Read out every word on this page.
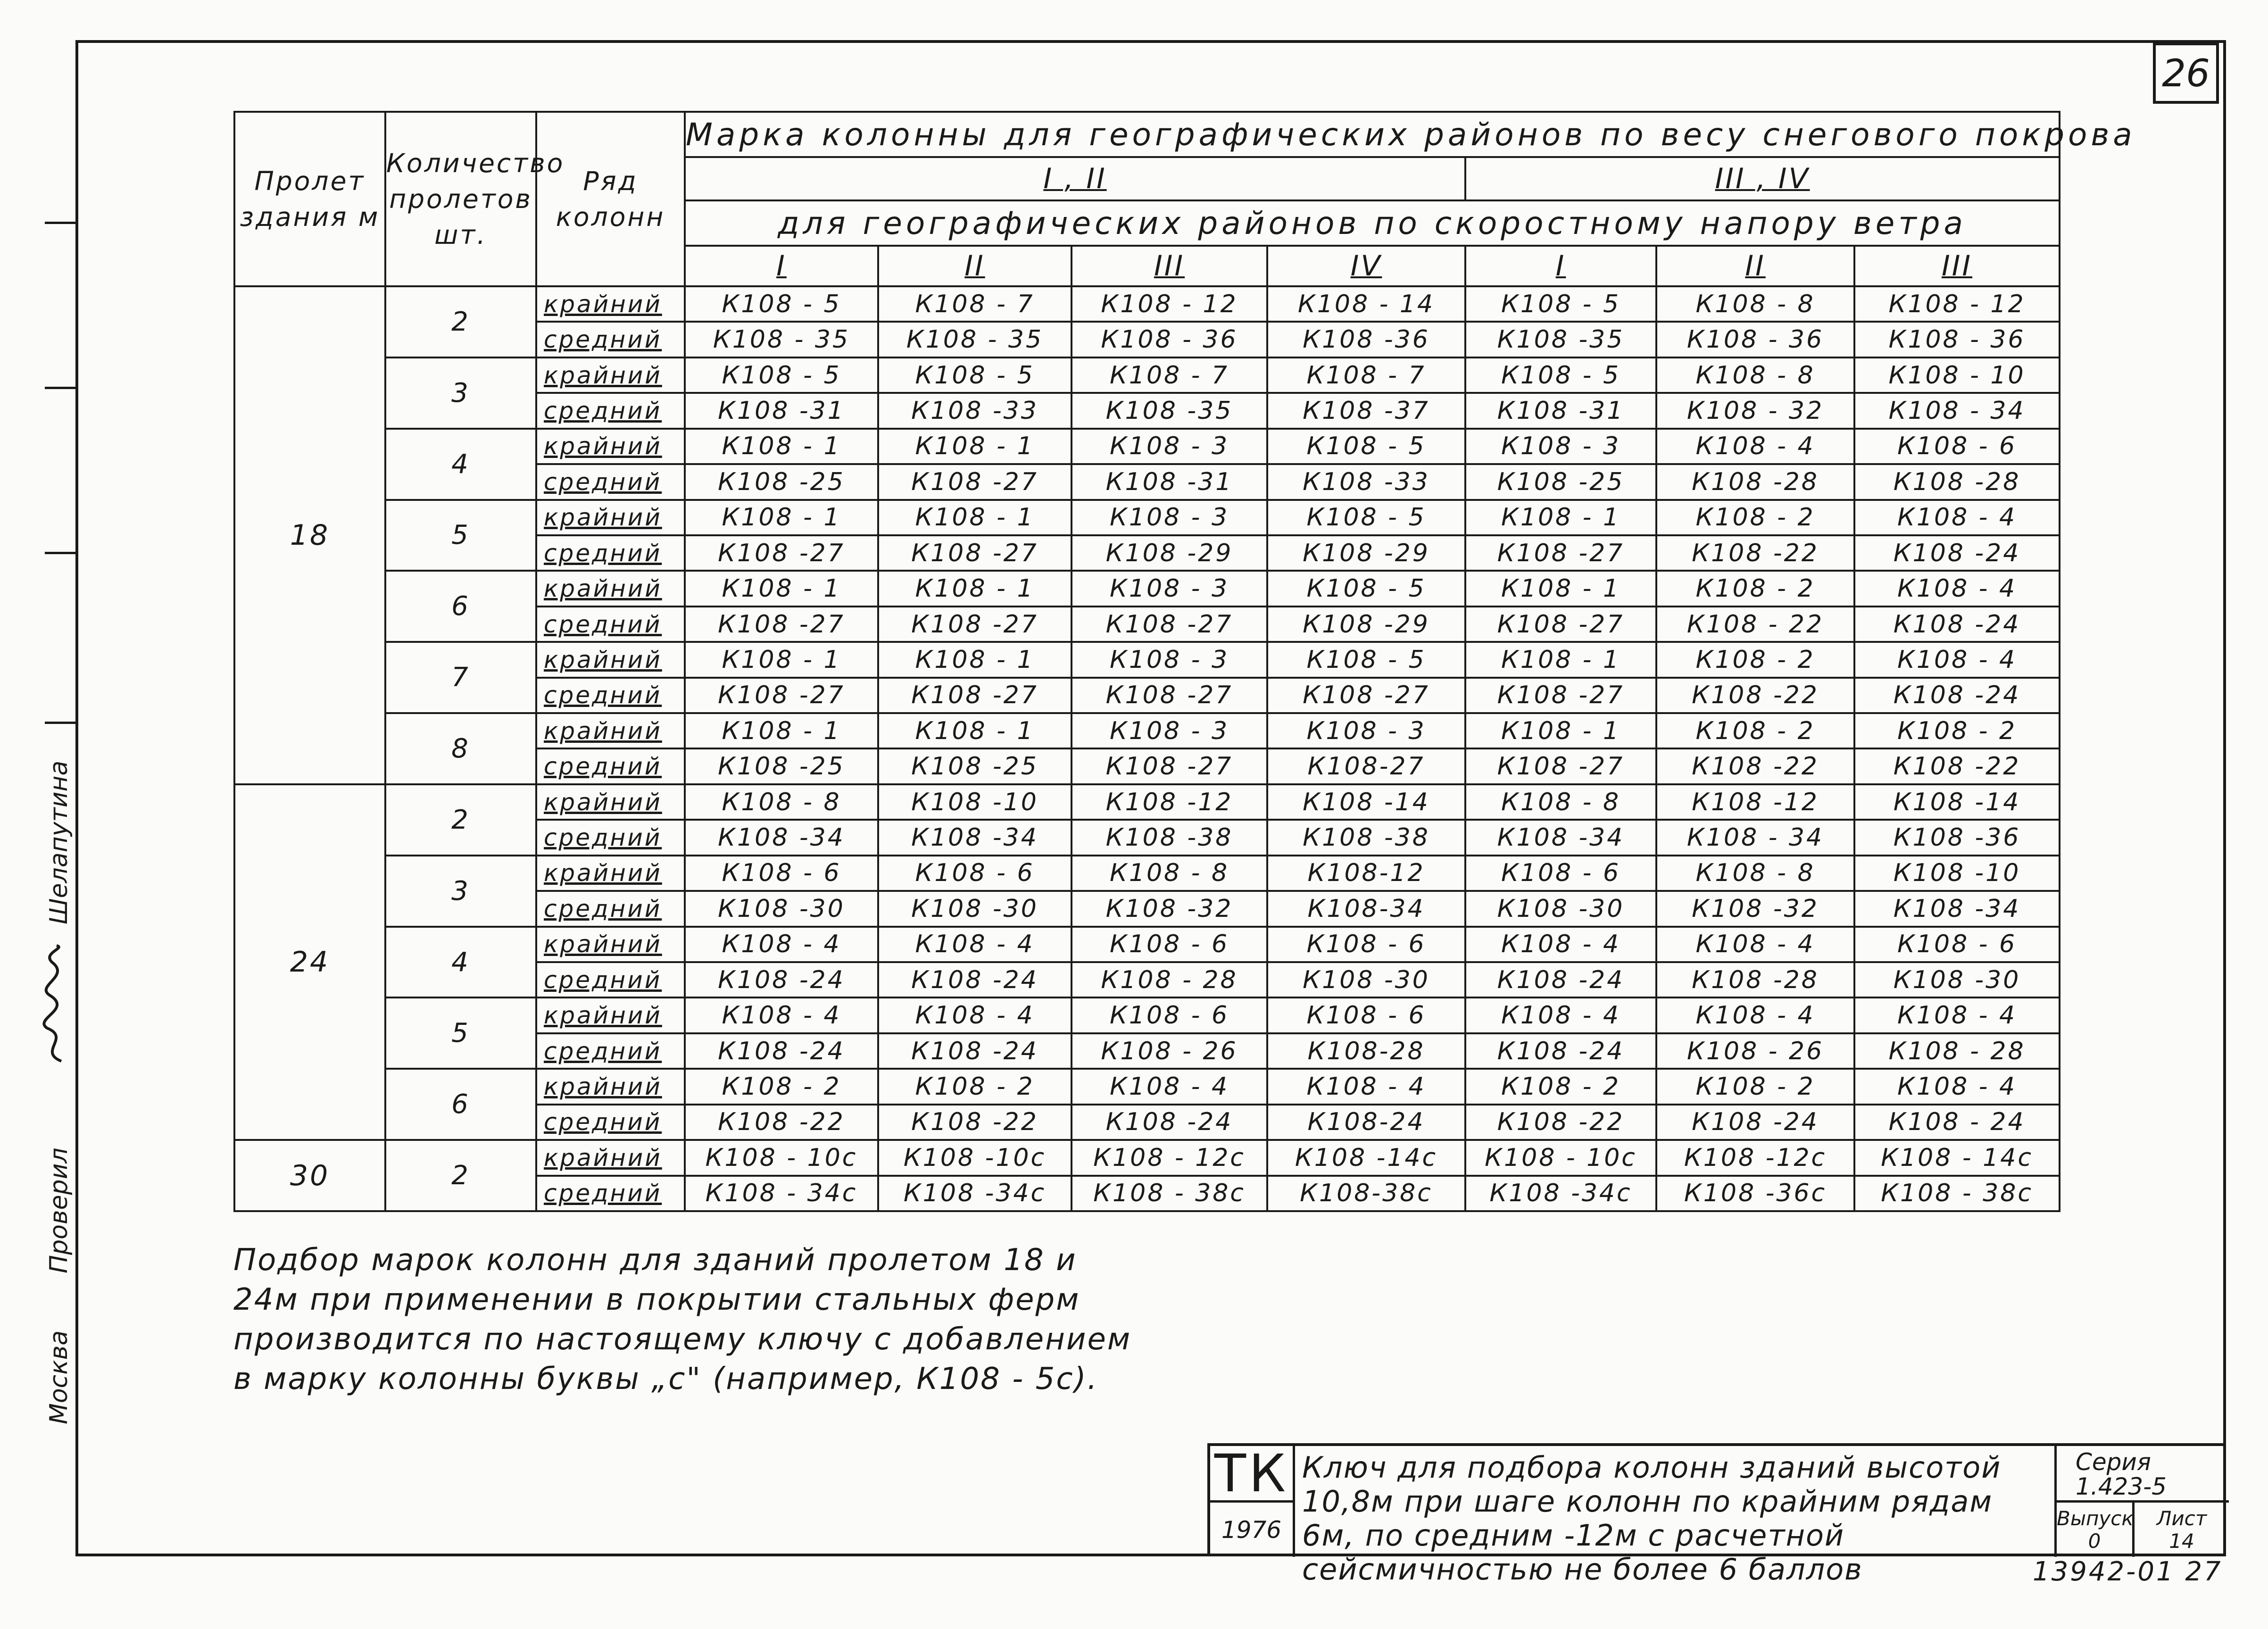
26
Проверил
Шелапутина
Москва
Пролет здания м	Количество пролетов шт.	Ряд колонн	Марка колонны для географических районов по весу снегового покрова						
			I , II				III , IV		
			для географических районов по скоростному напору ветра						
			I	II	III	IV	I	II	III
18	2	крайний	К108 - 5	К108 - 7	К108 - 12	К108 - 14	К108 - 5	К108 - 8	К108 - 12
		средний	К108 - 35	К108 - 35	К108 - 36	К108 -36	К108 -35	К108 - 36	К108 - 36
	3	крайний	К108 - 5	К108 - 5	К108 - 7	К108 - 7	К108 - 5	К108 - 8	К108 - 10
		средний	К108 -31	К108 -33	К108 -35	К108 -37	К108 -31	К108 - 32	К108 - 34
	4	крайний	К108 - 1	К108 - 1	К108 - 3	К108 - 5	К108 - 3	К108 - 4	К108 - 6
		средний	К108 -25	К108 -27	К108 -31	К108 -33	К108 -25	К108 -28	К108 -28
	5	крайний	К108 - 1	К108 - 1	К108 - 3	К108 - 5	К108 - 1	К108 - 2	К108 - 4
		средний	К108 -27	К108 -27	К108 -29	К108 -29	К108 -27	К108 -22	К108 -24
	6	крайний	К108 - 1	К108 - 1	К108 - 3	К108 - 5	К108 - 1	К108 - 2	К108 - 4
		средний	К108 -27	К108 -27	К108 -27	К108 -29	К108 -27	К108 - 22	К108 -24
	7	крайний	К108 - 1	К108 - 1	К108 - 3	К108 - 5	К108 - 1	К108 - 2	К108 - 4
		средний	К108 -27	К108 -27	К108 -27	К108 -27	К108 -27	К108 -22	К108 -24
	8	крайний	К108 - 1	К108 - 1	К108 - 3	К108 - 3	К108 - 1	К108 - 2	К108 - 2
		средний	К108 -25	К108 -25	К108 -27	К108-27	К108 -27	К108 -22	К108 -22
24	2	крайний	К108 - 8	К108 -10	К108 -12	К108 -14	К108 - 8	К108 -12	К108 -14
		средний	К108 -34	К108 -34	К108 -38	К108 -38	К108 -34	К108 - 34	К108 -36
	3	крайний	К108 - 6	К108 - 6	К108 - 8	К108-12	К108 - 6	К108 - 8	К108 -10
		средний	К108 -30	К108 -30	К108 -32	К108-34	К108 -30	К108 -32	К108 -34
	4	крайний	К108 - 4	К108 - 4	К108 - 6	К108 - 6	К108 - 4	К108 - 4	К108 - 6
		средний	К108 -24	К108 -24	К108 - 28	К108 -30	К108 -24	К108 -28	К108 -30
	5	крайний	К108 - 4	К108 - 4	К108 - 6	К108 - 6	К108 - 4	К108 - 4	К108 - 4
		средний	К108 -24	К108 -24	К108 - 26	К108-28	К108 -24	К108 - 26	К108 - 28
	6	крайний	К108 - 2	К108 - 2	К108 - 4	К108 - 4	К108 - 2	К108 - 2	К108 - 4
		средний	К108 -22	К108 -22	К108 -24	К108-24	К108 -22	К108 -24	К108 - 24
30	2	крайний	К108 - 10с	К108 -10с	К108 - 12с	К108 -14с	К108 - 10с	К108 -12с	К108 - 14с
		средний	К108 - 34с	К108 -34с	К108 - 38с	К108-38с	К108 -34с	К108 -36с	К108 - 38с
Подбор марок колонн для зданий пролетом 18 и 24м при применении в покрытии стальных ферм производится по настоящему ключу с добавлением в марку колонны буквы „с" (например, К108 - 5с).
ТК
1976
Ключ для подбора колонн зданий высотой 10,8м при шаге колонн по крайним рядам 6м, по средним -12м с расчетной сейсмичностью не более 6 баллов
Серия
1.423-5
Выпуск
0
Лист
14
13942-01 27
